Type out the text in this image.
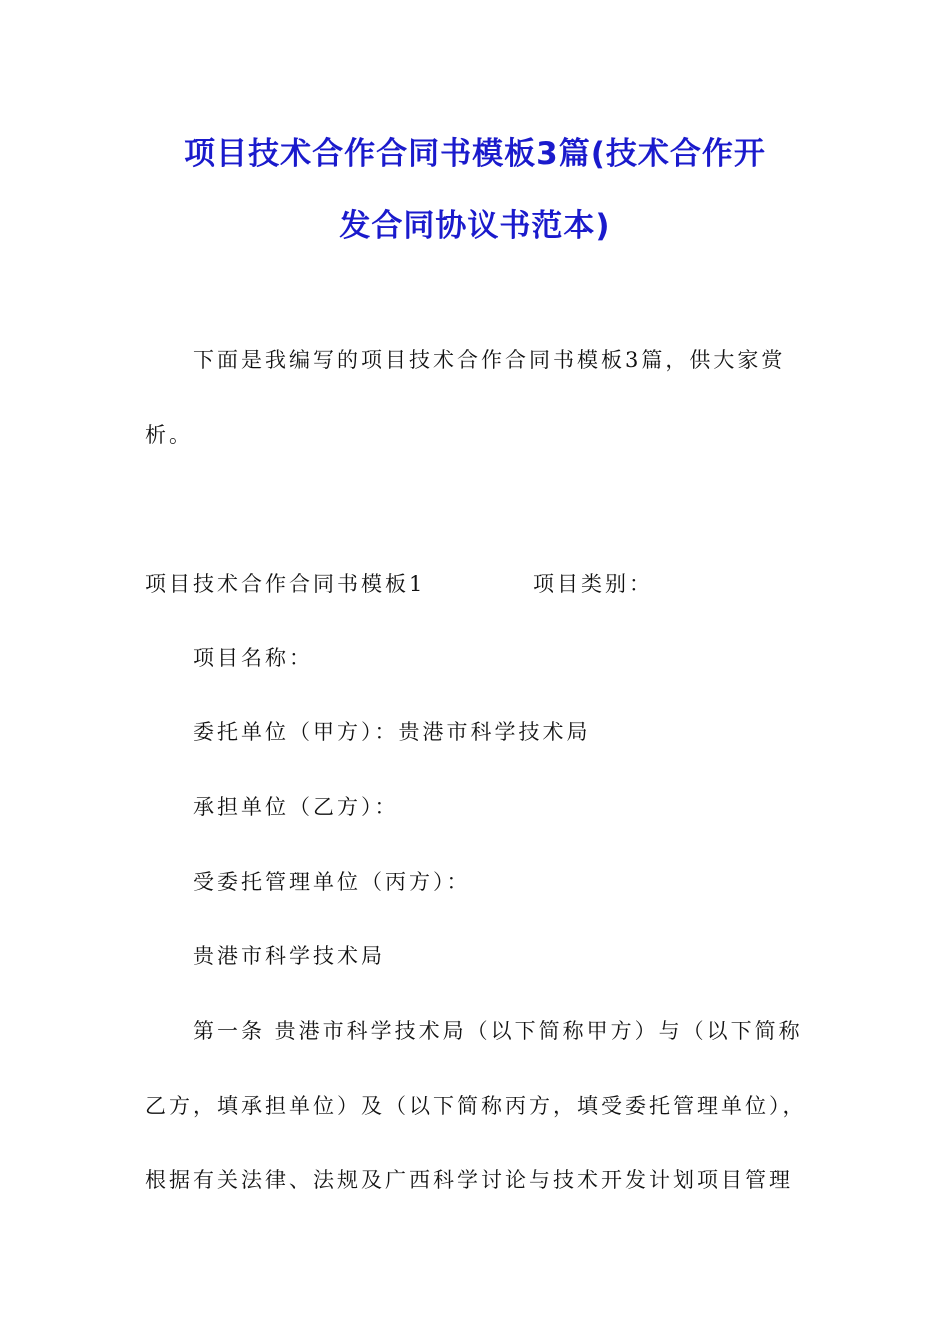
项目技术合作合同书模板3篇(技术合作开
发合同协议书范本)
下面是我编写的项目技术合作合同书模板3篇，供大家赏
析。
项目技术合作合同书模板1	项目类别：
项目名称：
委托单位（甲方）：贵港市科学技术局
承担单位（乙方）：
受委托管理单位（丙方）：
贵港市科学技术局
第一条 贵港市科学技术局（以下简称甲方）与（以下简称
乙方，填承担单位）及（以下简称丙方，填受委托管理单位），
根据有关法律、法规及广西科学讨论与技术开发计划项目管理
